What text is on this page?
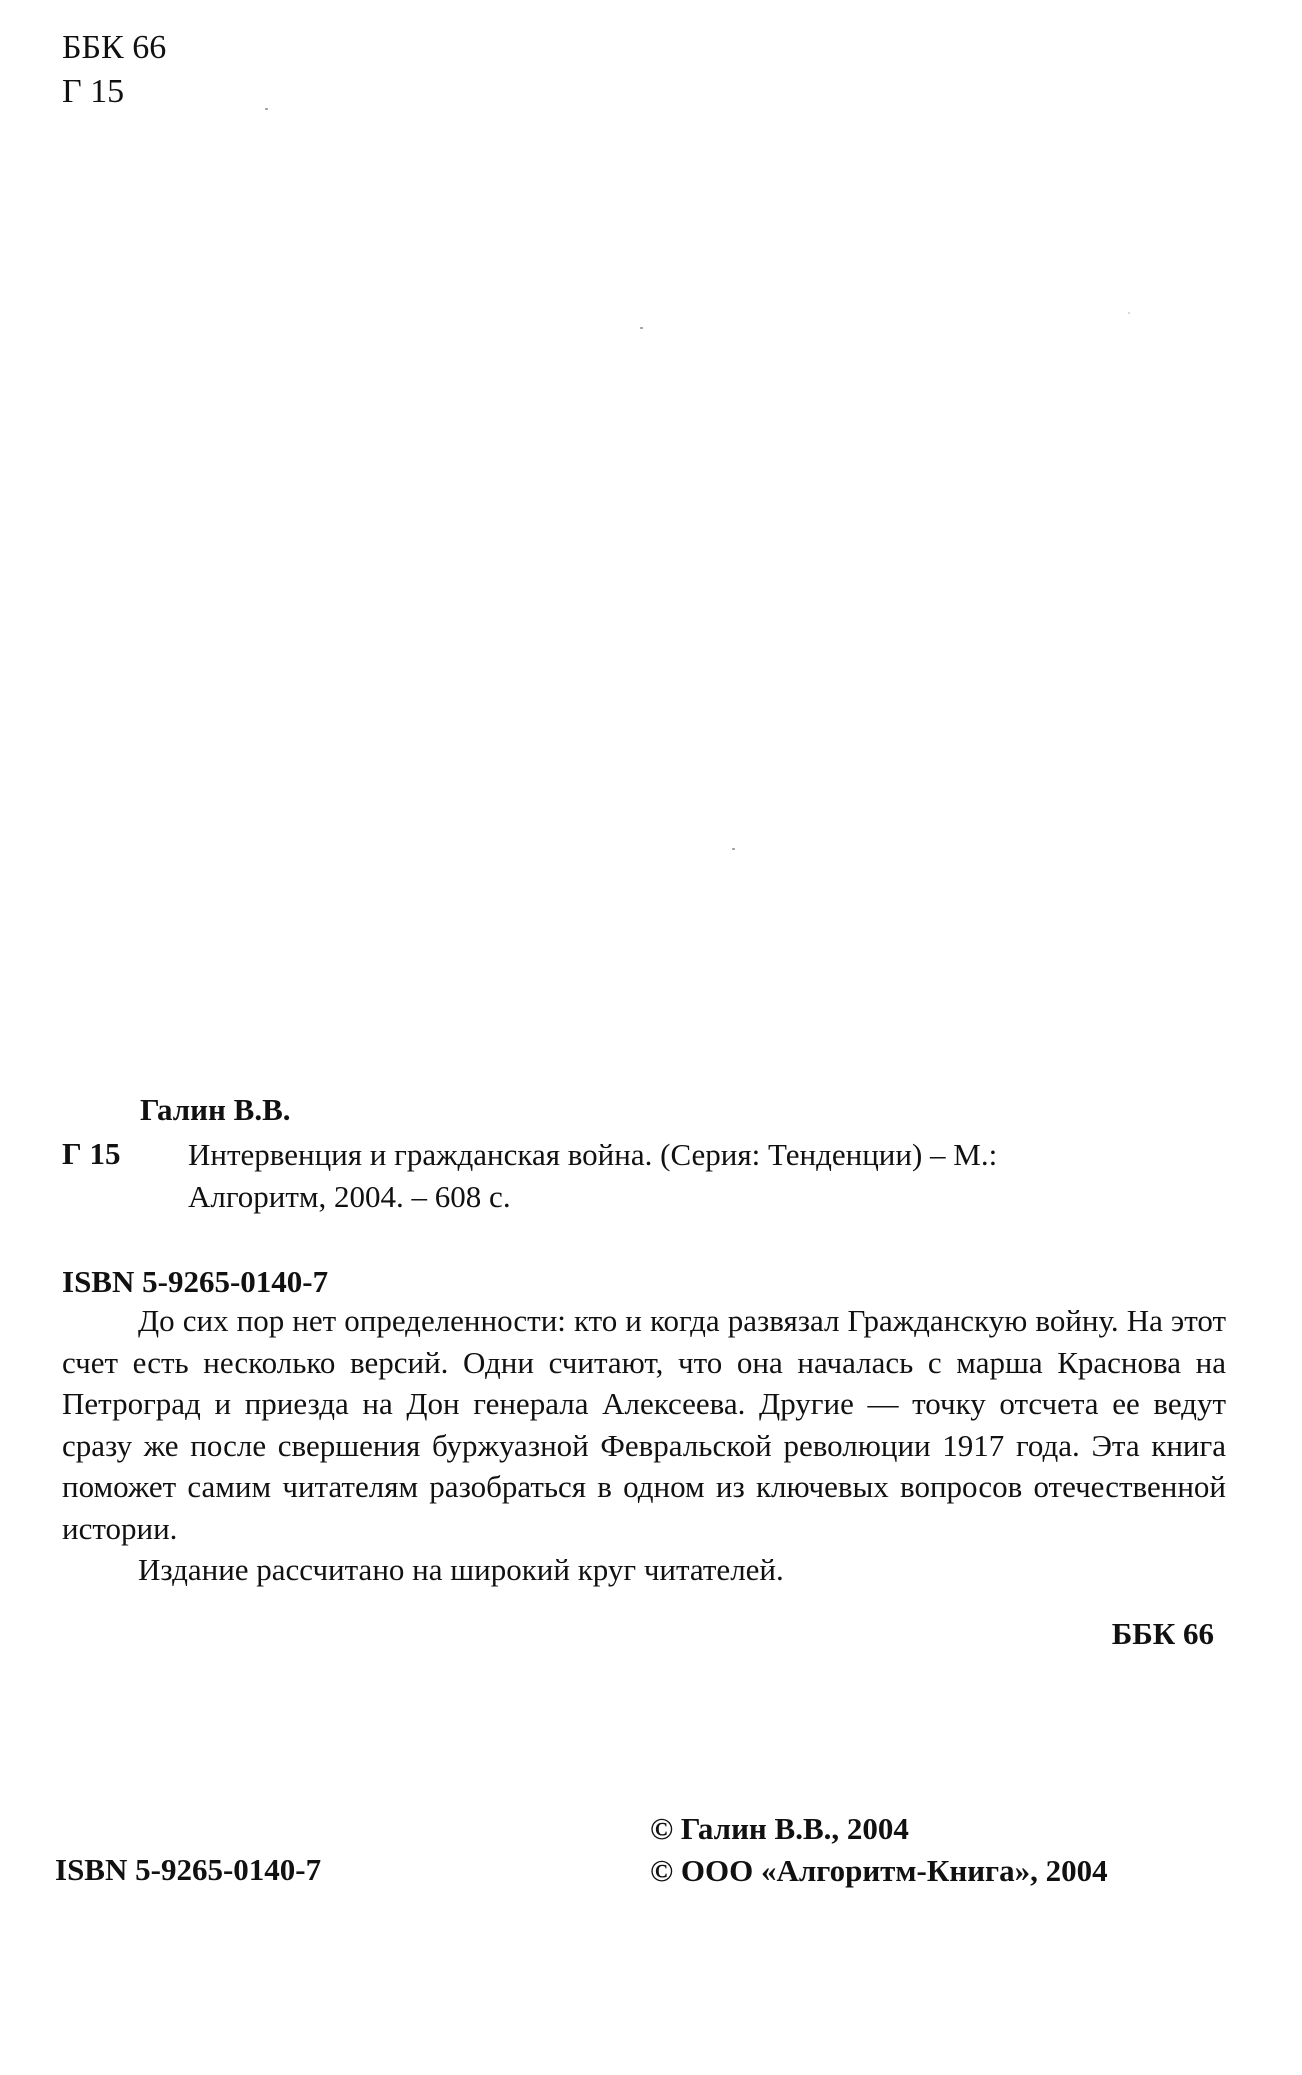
ББК 66
Г 15
Галин В.В.
Г 15 Интервенция и гражданская война. (Серия: Тенденции) – М.:
Алгоритм, 2004. – 608 с.
ISBN 5-9265-0140-7

До сих пор нет определенности: кто и когда развязал Гражданскую войну. На этот счет есть несколько версий. Одни считают, что она началась с марша Краснова на Петроград и приезда на Дон генерала Алексеева. Другие — точку отсчета ее ведут сразу же после свершения буржуазной Февральской революции 1917 года. Эта книга поможет самим читателям разобраться в одном из ключевых вопросов отечественной истории.

Издание рассчитано на широкий круг читателей.

ББК 66
ISBN 5-9265-0140-7
© Галин В.В., 2004
© ООО «Алгоритм-Книга», 2004
